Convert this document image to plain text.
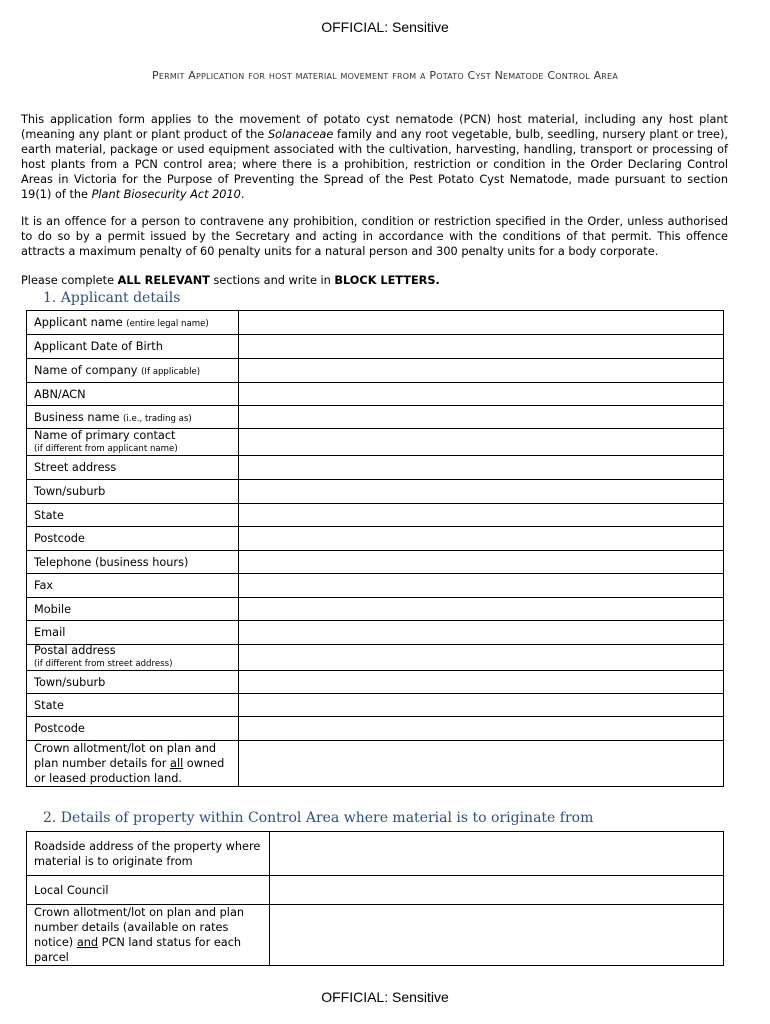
OFFICIAL: Sensitive
Permit Application for host material movement from a Potato Cyst Nematode Control Area
This application form applies to the movement of potato cyst nematode (PCN) host material, including any host plant (meaning any plant or plant product of the Solanaceae family and any root vegetable, bulb, seedling, nursery plant or tree), earth material, package or used equipment associated with the cultivation, harvesting, handling, transport or processing of host plants from a PCN control area; where there is a prohibition, restriction or condition in the Order Declaring Control Areas in Victoria for the Purpose of Preventing the Spread of the Pest Potato Cyst Nematode, made pursuant to section 19(1) of the Plant Biosecurity Act 2010.
It is an offence for a person to contravene any prohibition, condition or restriction specified in the Order, unless authorised to do so by a permit issued by the Secretary and acting in accordance with the conditions of that permit. This offence attracts a maximum penalty of 60 penalty units for a natural person and 300 penalty units for a body corporate.
Please complete ALL RELEVANT sections and write in BLOCK LETTERS.
1. Applicant details
Applicant name (entire legal name)	

Applicant Date of Birth	

Name of company (If applicable)	

ABN/ACN	

Business name (i.e., trading as)	

Name of primary contact
(if different from applicant name)	

Street address	

Town/suburb	

State	

Postcode	

Telephone (business hours)	

Fax	

Mobile	

Email	

Postal address
(if different from street address)	

Town/suburb	

State	

Postcode	

Crown allotment/lot on plan and
plan number details for all owned
or leased production land.	
2. Details of property within Control Area where material is to originate from
Roadside address of the property where
material is to originate from	

Local Council	

Crown allotment/lot on plan and plan
number details (available on rates
notice) and PCN land status for each
parcel	
OFFICIAL: Sensitive
